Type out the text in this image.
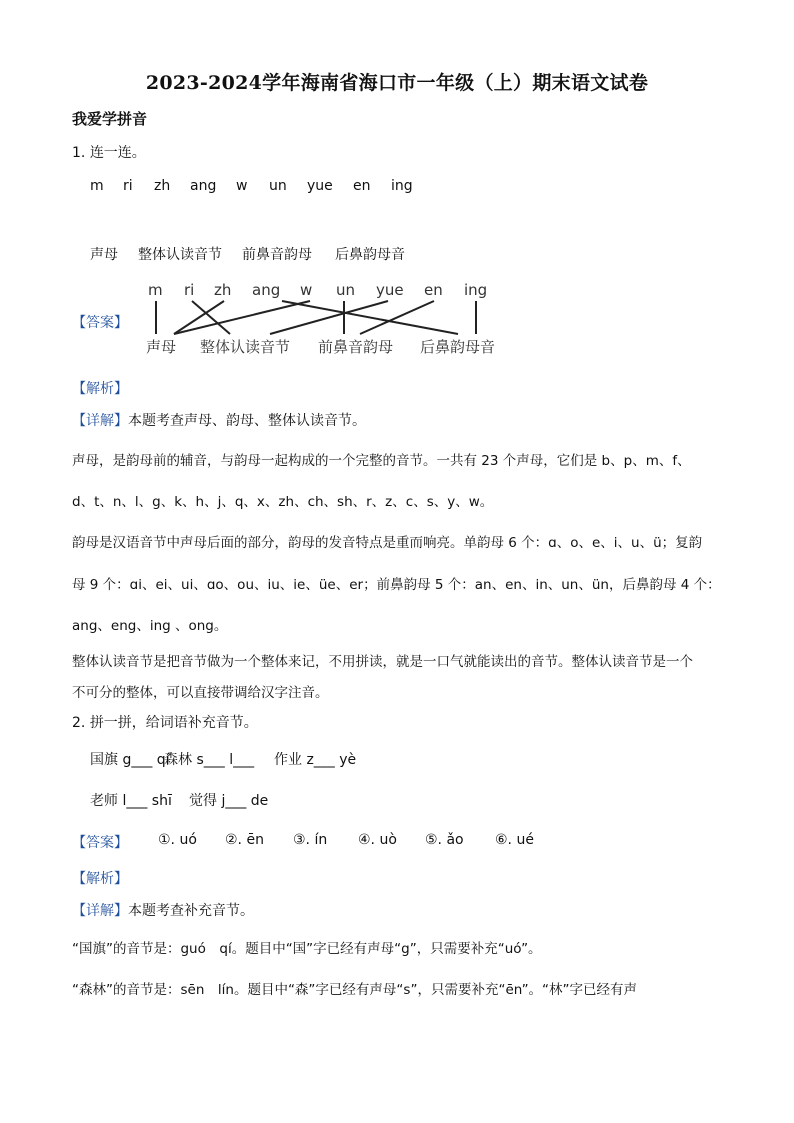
2023-2024学年海南省海口市一年级（上）期末语文试卷
我爱学拼音
1. 连一连。
m	ri	zh	ang	w	un	yue	en	ing
声母	整体认读音节	前鼻音韵母	后鼻韵母音
【答案】
m ri zh ang w un yue en ing
声母 整体认读音节 前鼻音韵母 后鼻韵母音
【解析】
【详解】本题考查声母、韵母、整体认读音节。
声母，是韵母前的辅音，与韵母一起构成的一个完整的音节。一共有 23 个声母，它们是 b、p、m、f、
d、t、n、l、g、k、h、j、q、x、zh、ch、sh、r、z、c、s、y、w。
韵母是汉语音节中声母后面的部分，韵母的发音特点是重而响亮。单韵母 6 个：ɑ、o、e、i、u、ü；复韵
母 9 个：ɑi、ei、ui、ɑo、ou、iu、ie、üe、er；前鼻韵母 5 个：an、en、in、un、ün，后鼻韵母 4 个：
ang、eng、ing 、ong。
整体认读音节是把音节做为一个整体来记，不用拼读，就是一口气就能读出的音节。整体认读音节是一个
不可分的整体，可以直接带调给汉字注音。
2. 拼一拼，给词语补充音节。
国旗 g___ qí
森林 s___ l___	作业 z___ yè
老师 l___ shī	觉得 j___ de
【答案】 ①. uó	②. ēn	③. ín	④. uò	⑤. ǎo	⑥. ué
【解析】
【详解】本题考查补充音节。
“国旗”的音节是：guó　qí。题目中“国”字已经有声母“g”，只需要补充“uó”。
“森林”的音节是：sēn　lín。题目中“森”字已经有声母“s”，只需要补充“ēn”。“林”字已经有声
